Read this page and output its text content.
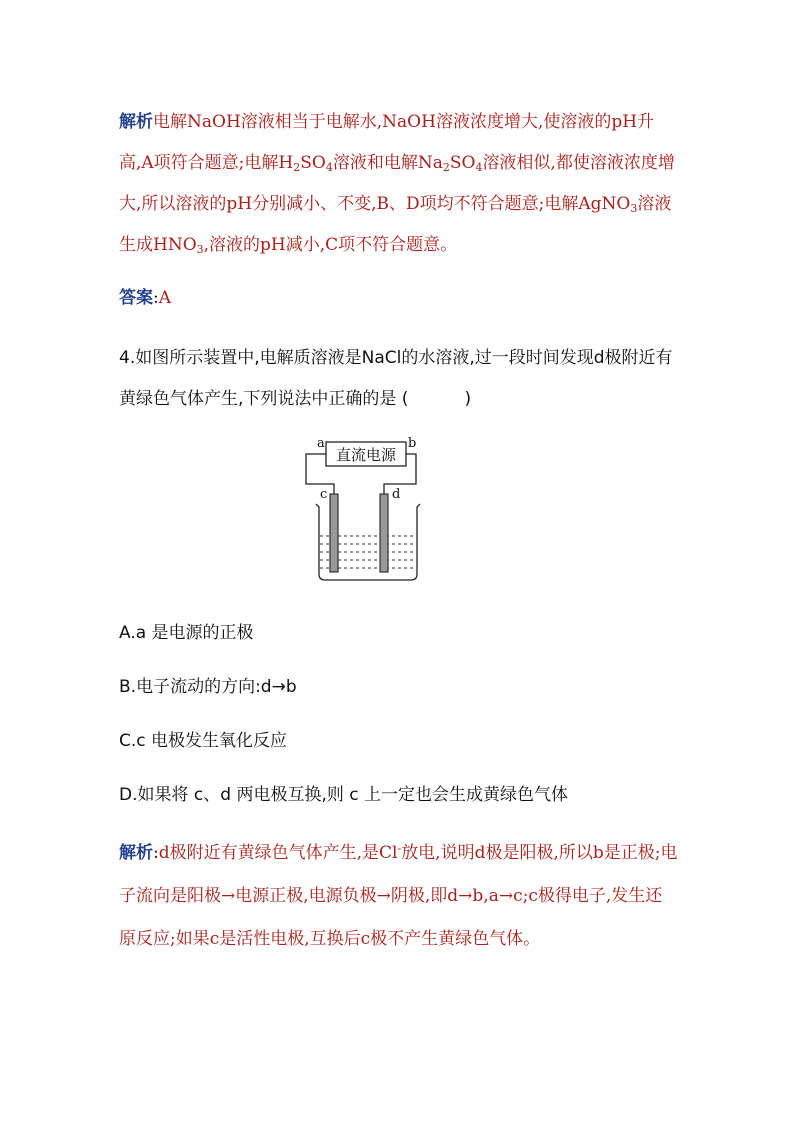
解析电解NaOH溶液相当于电解水,NaOH溶液浓度增大,使溶液的pH升高,A项符合题意;电解$H_2SO_4$溶液和电解$Na_2SO_4$溶液相似,都使溶液浓度增大,所以溶液的pH分别减小、不变,B、D项均不符合题意;电解AgNO$_3$溶液生成$HNO_3$,溶液的pH减小,C项不符合题意。
答案:A
4.如图所示装置中,电解质溶液是NaCl的水溶液,过一段时间发现d极附近有黄绿色气体产生,下列说法中正确的是 (	)
直流电源
a	b
c	d
A.a 是电源的正极
B.电子流动的方向:d→b
C.c 电极发生氧化反应
D.如果将 c、d 两电极互换,则 c 上一定也会生成黄绿色气体
解析:d极附近有黄绿色气体产生,是Cl-放电,说明d极是阳极,所以b是正极;电子流向是阳极→电源正极,电源负极→阴极,即d→b,a→c;c极得电子,发生还原反应;如果c是活性电极,互换后c极不产生黄绿色气体。
